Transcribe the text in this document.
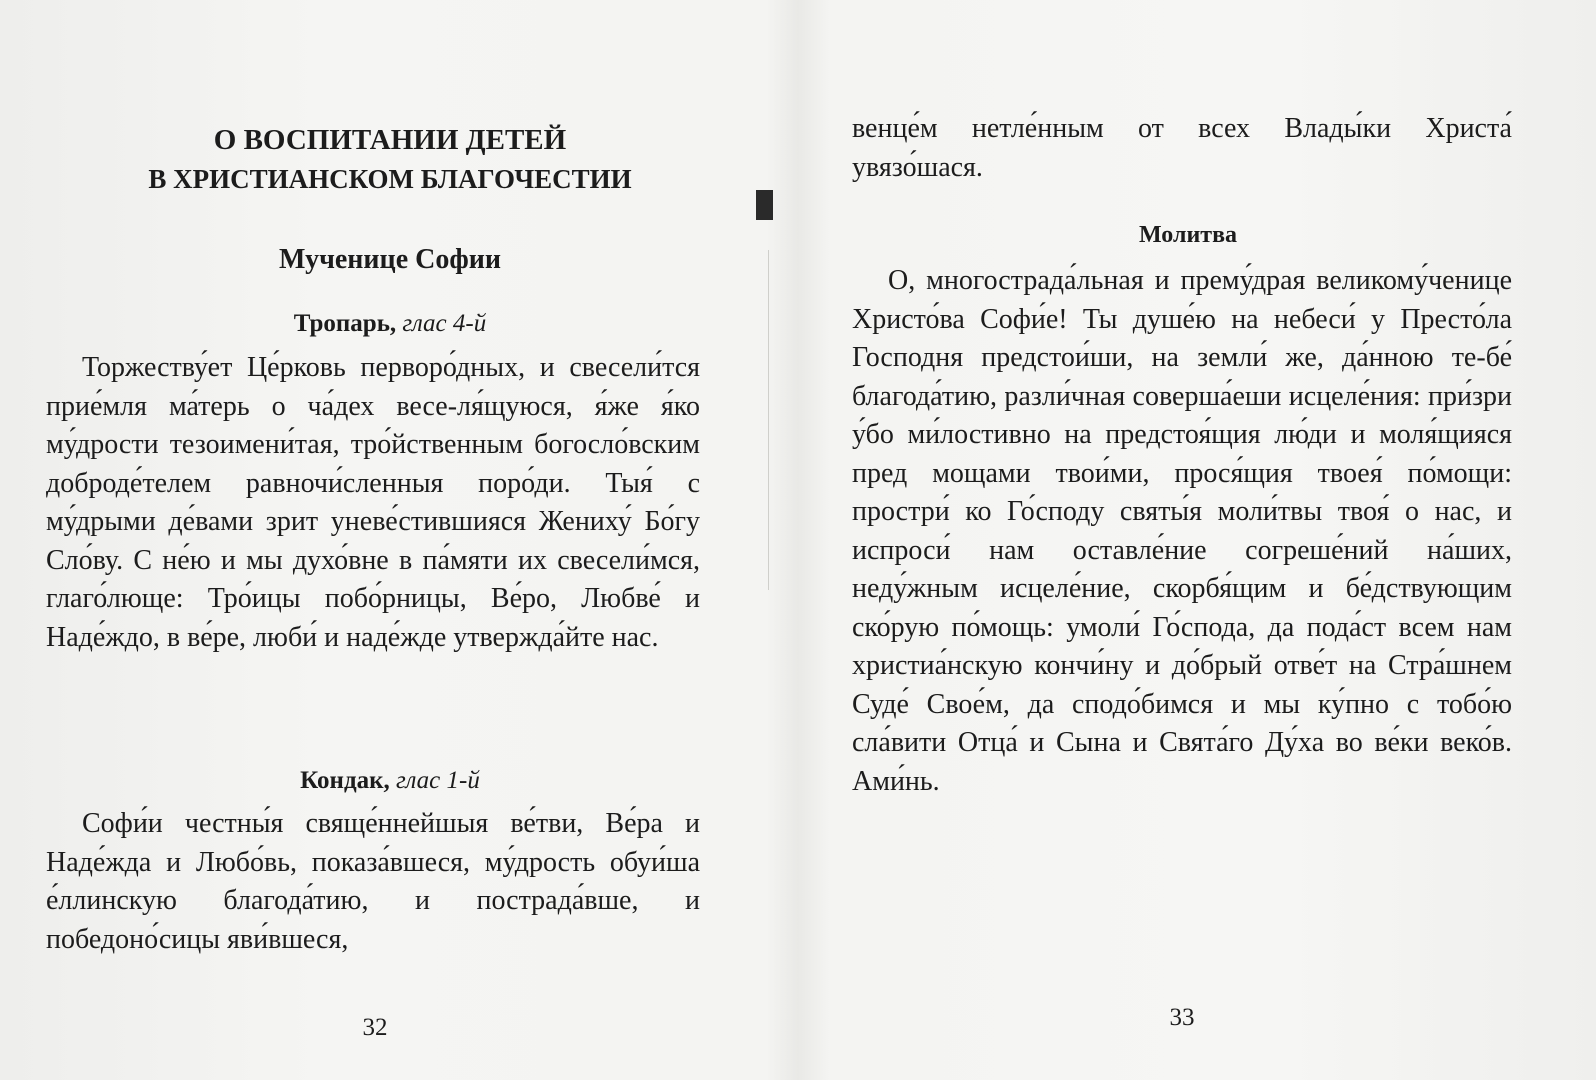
О ВОСПИТАНИИ ДЕТЕЙ
В ХРИСТИАНСКОМ БЛАГОЧЕСТИИ
Мученице Софии
Тропарь, глас 4-й

Торжеству́ет Це́рковь первоpо́дных, и свесели́тся прие́мля ма́терь о ча́дех весе-ля́щуюся, я́же я́ко му́дрости тезоимени́тая, тро́йственным богосло́вским доброде́телем равночи́сленныя поро́ди. Тыя́ с му́дрыми де́вами зрит уневе́стившияся Жениху́ Бо́гу Сло́ву. С не́ю и мы духо́вне в па́мяти их свесели́мся, глаго́люще: Тро́ицы побо́рницы, Ве́ро, Любве́ и Наде́ждо, в ве́ре, люби́ и наде́жде утвержда́йте нас.

Кондак, глас 1-й

Софи́и честны́я свяще́ннейшыя ве́тви, Ве́ра и Наде́жда и Любо́вь, показа́вшеся, му́дрость обуи́ша е́ллинскую благода́тию, и пострада́вше, и победоно́сицы яви́вшеся,

32

венце́м нетле́нным от всех Влады́ки Христа́ увязо́шася.

Молитва

О, многострада́льная и прему́драя великому́ченице Христо́ва Софи́е! Ты душе́ю на небеси́ у Престо́ла Господня предстои́ши, на земли́ же, да́нною те-бе́ благода́тию, разли́чная соверша́еши исцеле́ния: при́зри у́бо ми́лостивно на предстоя́щия лю́ди и моля́щияся пред мощами твои́ми, прося́щия твоея́ по́мощи: простри́ ко Го́споду святы́я моли́твы твоя́ о нас, и испроси́ нам оставле́ние согреше́ний на́ших, неду́жным исцеле́ние, скорбя́щим и бе́дствующим ско́рую по́мощь: умоли́ Го́спода, да пода́ст всем нам христиа́нскую кончи́ну и до́брый отве́т на Стра́шнем Суде́ Свое́м, да сподо́бимся и мы ку́пно с тобо́ю сла́вити Отца́ и Сына и Свята́го Ду́ха во ве́ки веко́в. Ами́нь.

33
